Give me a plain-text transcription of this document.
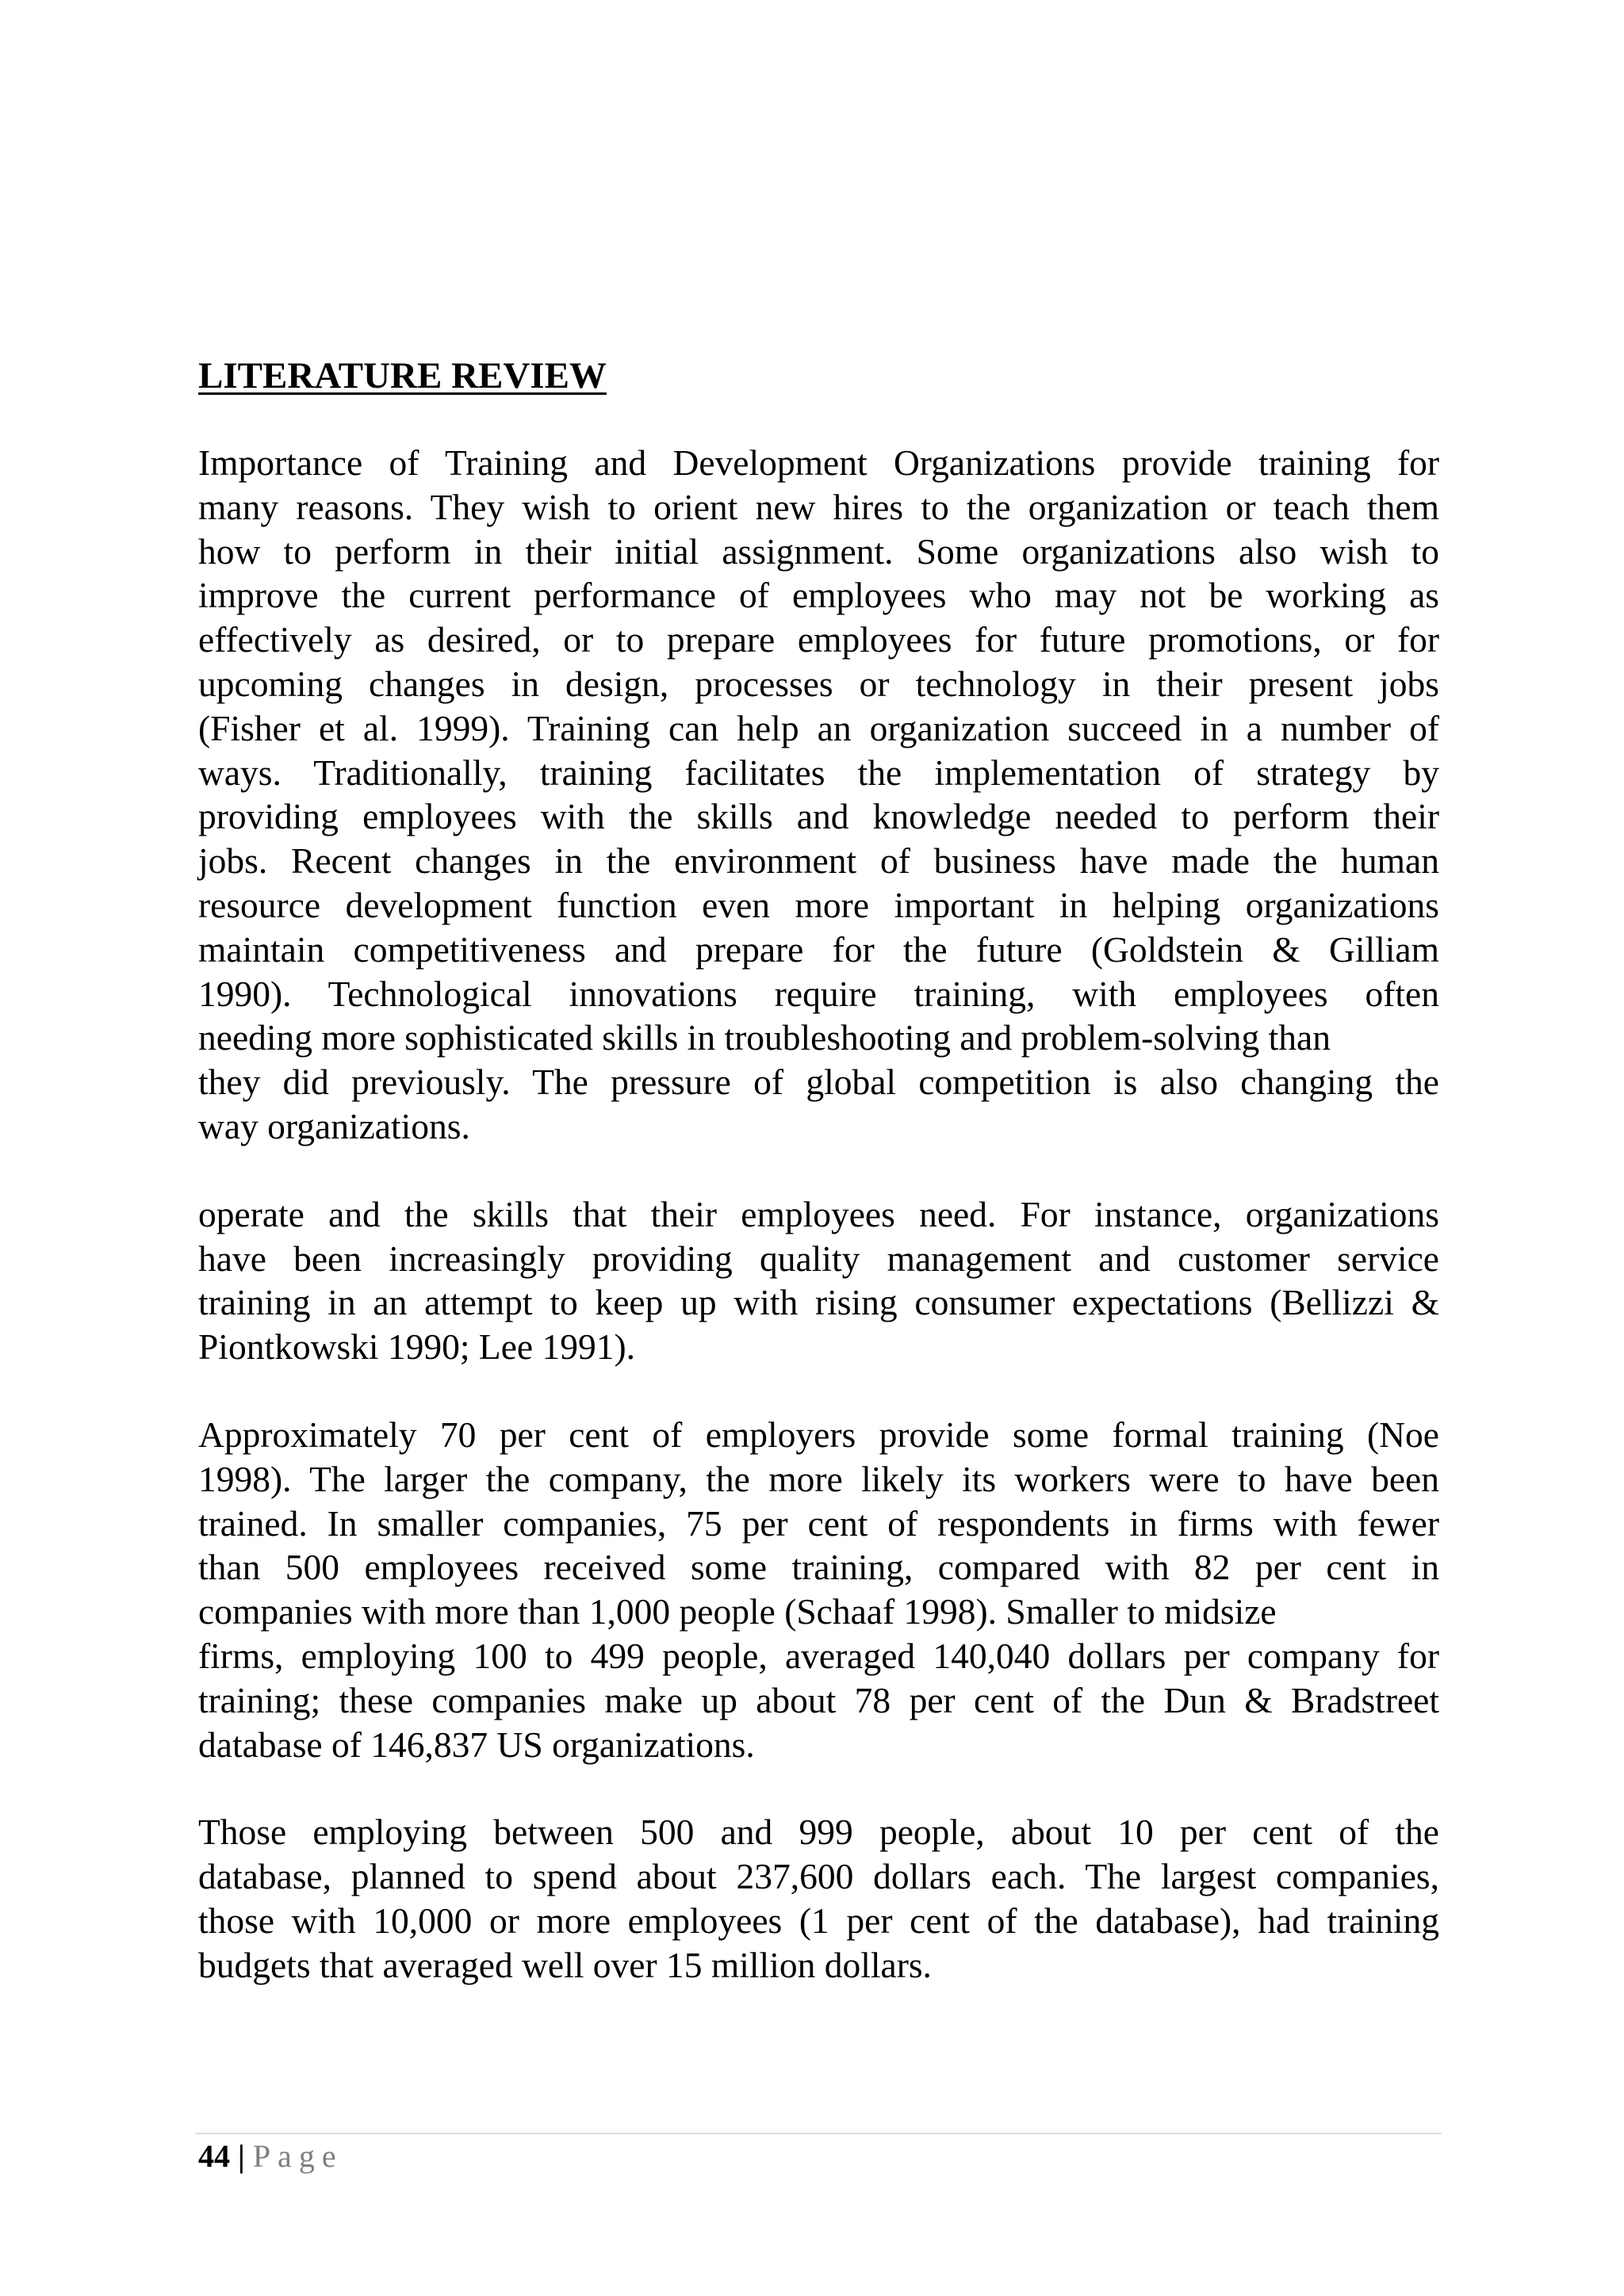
LITERATURE REVIEW
Importance of Training and Development Organizations provide training for
many reasons. They wish to orient new hires to the organization or teach them
how to perform in their initial assignment. Some organizations also wish to
improve the current performance of employees who may not be working as
effectively as desired, or to prepare employees for future promotions, or for
upcoming changes in design, processes or technology in their present jobs
(Fisher et al. 1999). Training can help an organization succeed in a number of
ways. Traditionally, training facilitates the implementation of strategy by
providing employees with the skills and knowledge needed to perform their
jobs. Recent changes in the environment of business have made the human
resource development function even more important in helping organizations
maintain competitiveness and prepare for the future (Goldstein & Gilliam
1990). Technological innovations require training, with employees often
needing more sophisticated skills in troubleshooting and problem-solving than
they did previously. The pressure of global competition is also changing the
way organizations.
operate and the skills that their employees need. For instance, organizations
have been increasingly providing quality management and customer service
training in an attempt to keep up with rising consumer expectations (Bellizzi &
Piontkowski 1990; Lee 1991).
Approximately 70 per cent of employers provide some formal training (Noe
1998). The larger the company, the more likely its workers were to have been
trained. In smaller companies, 75 per cent of respondents in firms with fewer
than 500 employees received some training, compared with 82 per cent in
companies with more than 1,000 people (Schaaf 1998). Smaller to midsize
firms, employing 100 to 499 people, averaged 140,040 dollars per company for
training; these companies make up about 78 per cent of the Dun & Bradstreet
database of 146,837 US organizations.
Those employing between 500 and 999 people, about 10 per cent of the
database, planned to spend about 237,600 dollars each. The largest companies,
those with 10,000 or more employees (1 per cent of the database), had training
budgets that averaged well over 15 million dollars.
44 | Page
